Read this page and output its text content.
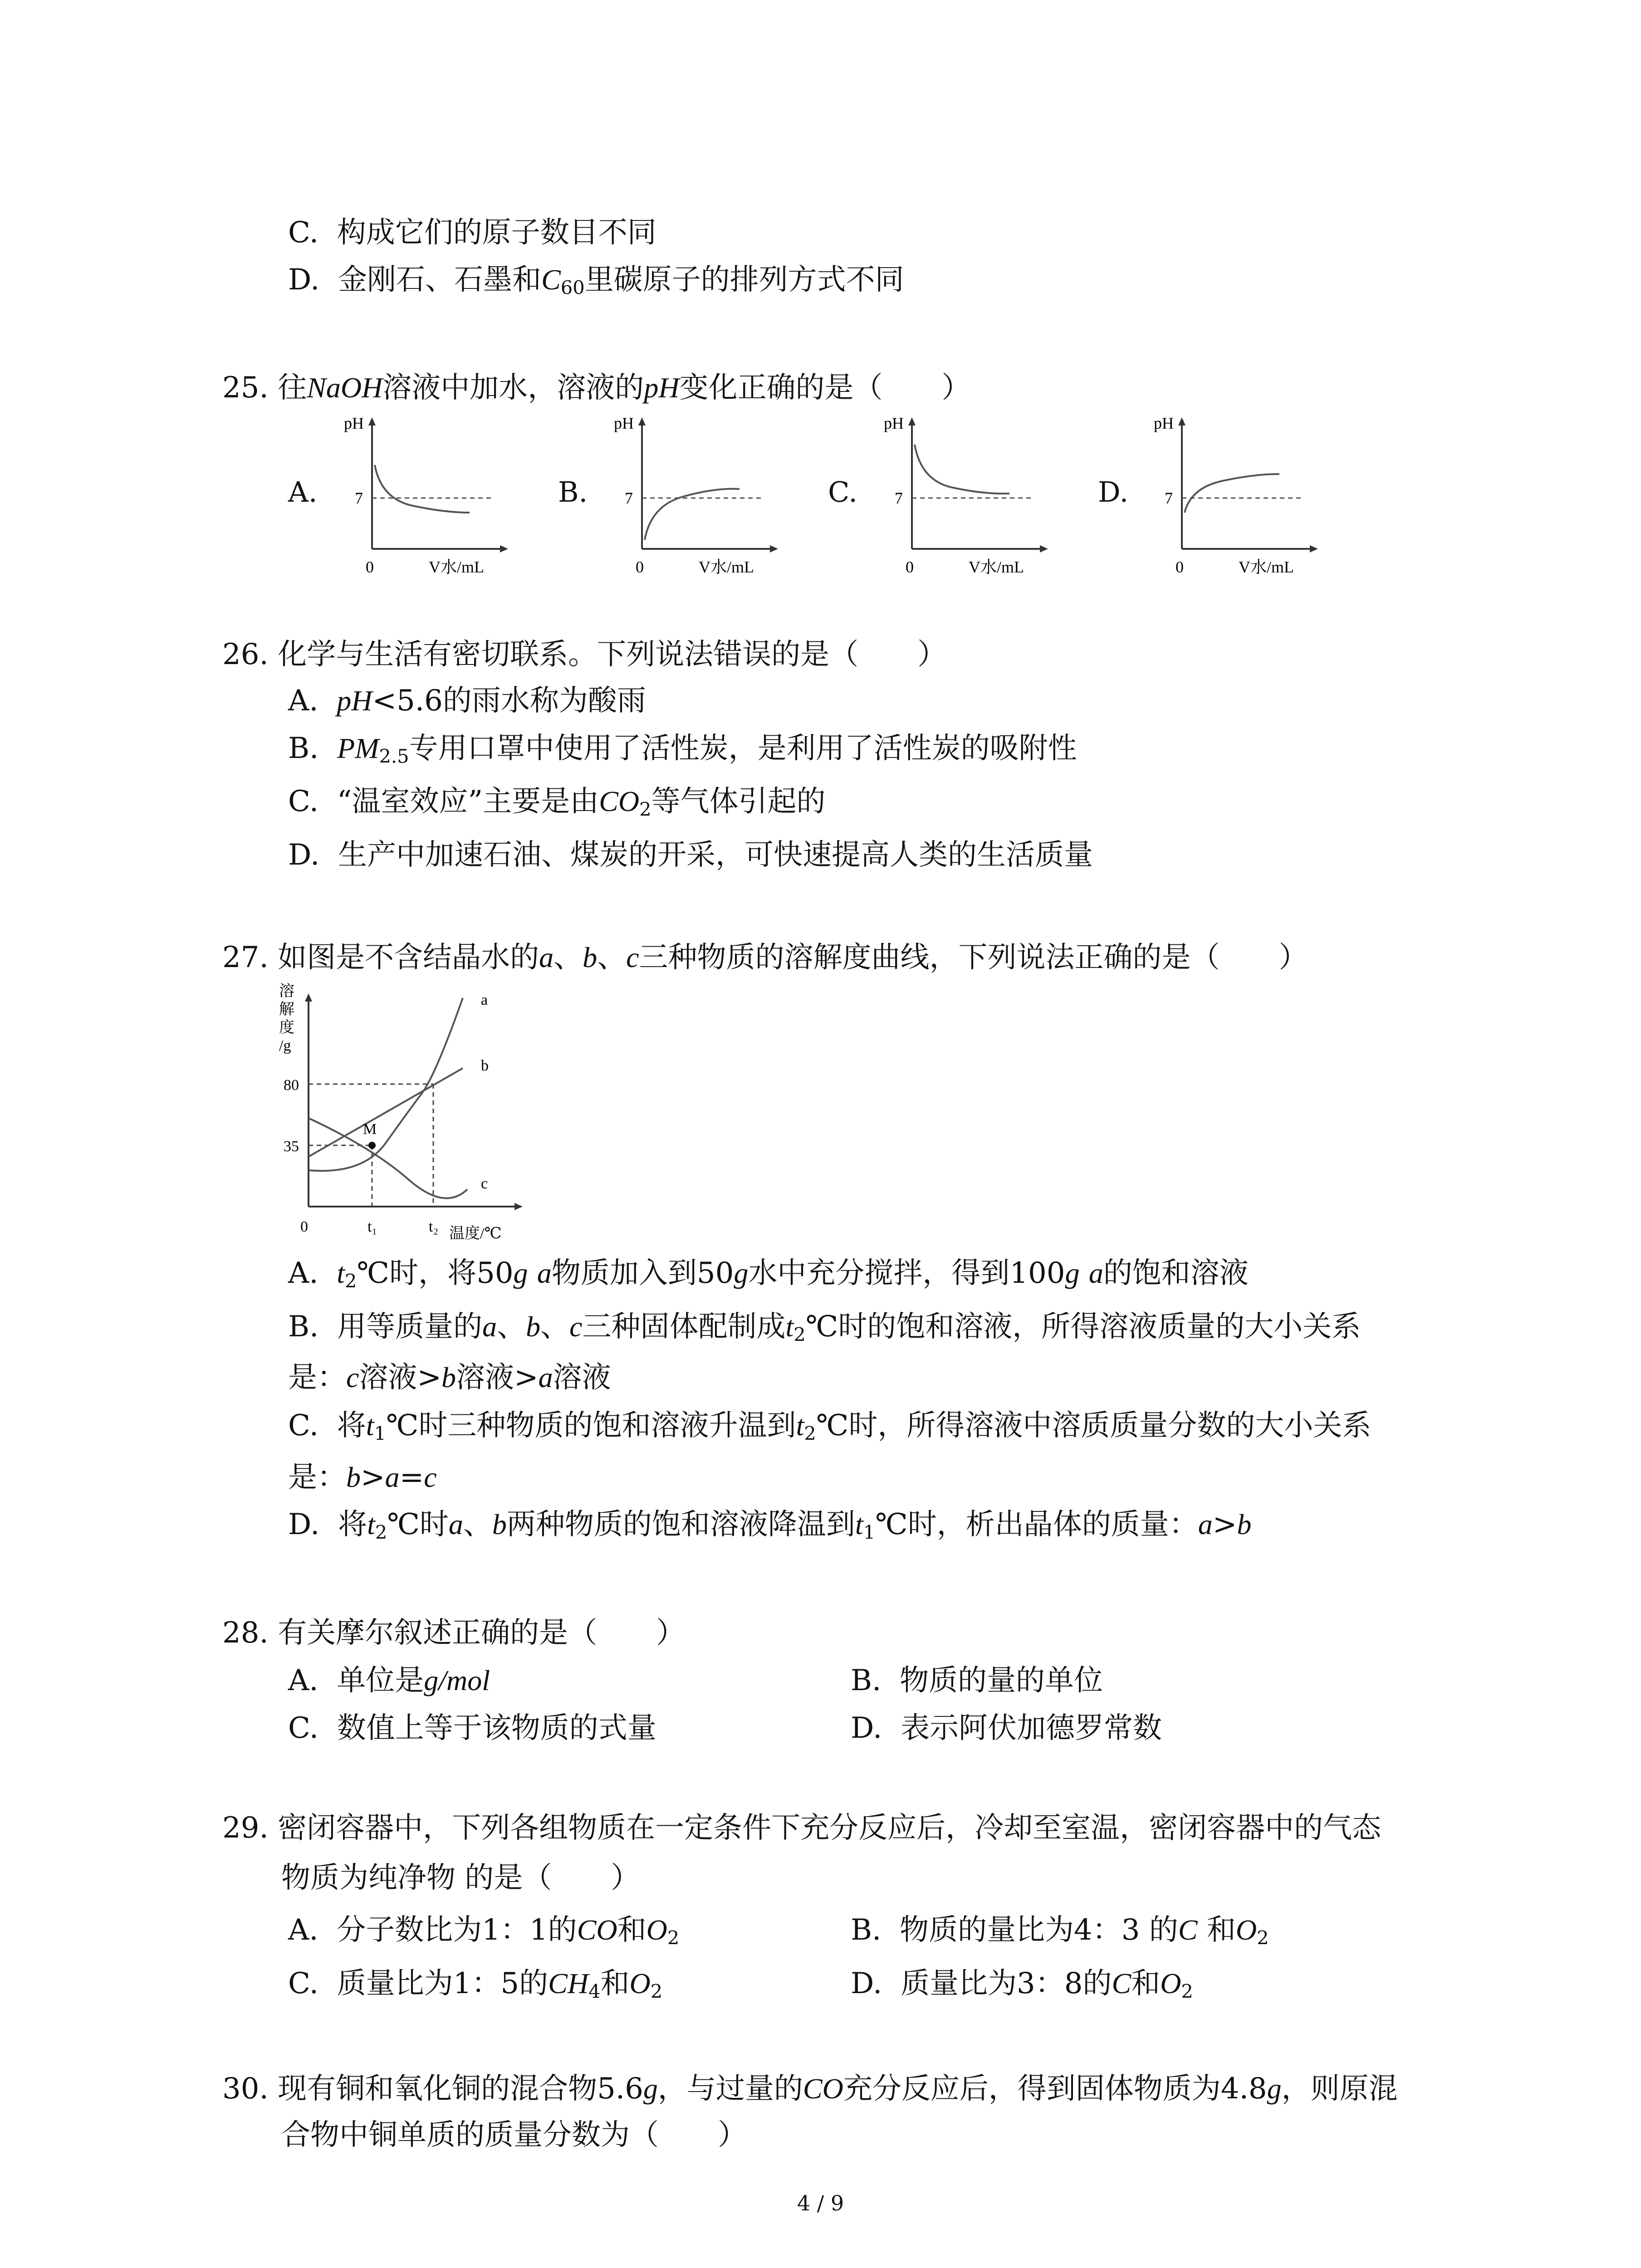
C. 构成它们的原子数目不同
D. 金刚石、石墨和$C_{60}$里碳原子的排列方式不同
25. 往NaOH溶液中加水，溶液的pH变化正确的是（ ）
A.	B.	C.	D.
pH
7
0	V水/mL
pH
7
0	V水/mL
pH
7
0	V水/mL
pH
7
0	V水/mL
26. 化学与生活有密切联系。下列说法错误的是（ ）
A. pH<5.6的雨水称为酸雨
B. $PM_{2.5}$专用口罩中使用了活性炭，是利用了活性炭的吸附性
C. “温室效应”主要是由$CO_2$等气体引起的
D. 生产中加速石油、煤炭的开采，可快速提高人类的生活质量
27. 如图是不含结晶水的a、b、c三种物质的溶解度曲线，下列说法正确的是（ ）
溶
解
度
/g
80
35
0	t₁	t₂ 温度/℃
a
b
c
M
A. $t_2℃$时，将50g a物质加入到50g水中充分搅拌，得到100g a的饱和溶液
B. 用等质量的a、b、c三种固体配制成$t_2℃$时的饱和溶液，所得溶液质量的大小关系
是：c溶液>b溶液>a溶液
C. 将$t_1℃$时三种物质的饱和溶液升温到$t_2℃$时，所得溶液中溶质质量分数的大小关系
是：b>a=c
D. 将$t_2℃$时a、b两种物质的饱和溶液降温到$t_1℃$时，析出晶体的质量：a>b
28. 有关摩尔叙述正确的是（ ）
A. 单位是g/mol	B. 物质的量的单位
C. 数值上等于该物质的式量	D. 表示阿伏加德罗常数
29. 密闭容器中，下列各组物质在一定条件下充分反应后，冷却至室温，密闭容器中的气态
物质为纯净物 的是（ ）
A. 分子数比为1：1的CO和$O_2$	B. 物质的量比为4：3 的C 和$O_2$
C. 质量比为1：5的$CH_4$和$O_2$	D. 质量比为3：8的C和$O_2$
30. 现有铜和氧化铜的混合物5.6g，与过量的CO充分反应后，得到固体物质为4.8g，则原混
合物中铜单质的质量分数为（ ）
4 / 9
